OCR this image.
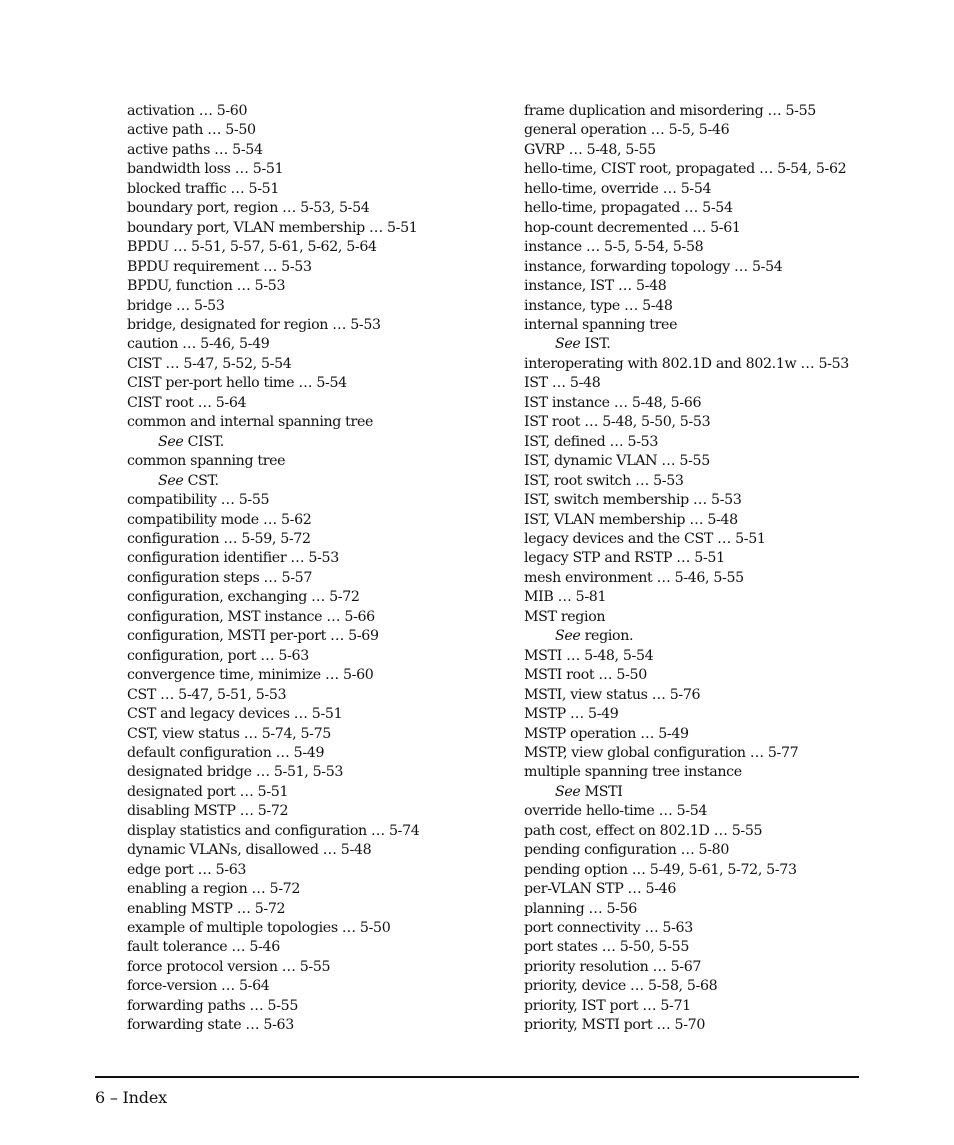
activation … 5-60
active path … 5-50
active paths … 5-54
bandwidth loss … 5-51
blocked traffic … 5-51
boundary port, region … 5-53, 5-54
boundary port, VLAN membership … 5-51
BPDU … 5-51, 5-57, 5-61, 5-62, 5-64
BPDU requirement … 5-53
BPDU, function … 5-53
bridge … 5-53
bridge, designated for region … 5-53
caution … 5-46, 5-49
CIST … 5-47, 5-52, 5-54
CIST per-port hello time … 5-54
CIST root … 5-64
common and internal spanning tree
See CIST.
common spanning tree
See CST.
compatibility … 5-55
compatibility mode … 5-62
configuration … 5-59, 5-72
configuration identifier … 5-53
configuration steps … 5-57
configuration, exchanging … 5-72
configuration, MST instance … 5-66
configuration, MSTI per-port … 5-69
configuration, port … 5-63
convergence time, minimize … 5-60
CST … 5-47, 5-51, 5-53
CST and legacy devices … 5-51
CST, view status … 5-74, 5-75
default configuration … 5-49
designated bridge … 5-51, 5-53
designated port … 5-51
disabling MSTP … 5-72
display statistics and configuration … 5-74
dynamic VLANs, disallowed … 5-48
edge port … 5-63
enabling a region … 5-72
enabling MSTP … 5-72
example of multiple topologies … 5-50
fault tolerance … 5-46
force protocol version … 5-55
force-version … 5-64
forwarding paths … 5-55
forwarding state … 5-63
frame duplication and misordering … 5-55
general operation … 5-5, 5-46
GVRP … 5-48, 5-55
hello-time, CIST root, propagated … 5-54, 5-62
hello-time, override … 5-54
hello-time, propagated … 5-54
hop-count decremented … 5-61
instance … 5-5, 5-54, 5-58
instance, forwarding topology … 5-54
instance, IST … 5-48
instance, type … 5-48
internal spanning tree
See IST.
interoperating with 802.1D and 802.1w … 5-53
IST … 5-48
IST instance … 5-48, 5-66
IST root … 5-48, 5-50, 5-53
IST, defined … 5-53
IST, dynamic VLAN … 5-55
IST, root switch … 5-53
IST, switch membership … 5-53
IST, VLAN membership … 5-48
legacy devices and the CST … 5-51
legacy STP and RSTP … 5-51
mesh environment … 5-46, 5-55
MIB … 5-81
MST region
See region.
MSTI … 5-48, 5-54
MSTI root … 5-50
MSTI, view status … 5-76
MSTP … 5-49
MSTP operation … 5-49
MSTP, view global configuration … 5-77
multiple spanning tree instance
See MSTI
override hello-time … 5-54
path cost, effect on 802.1D … 5-55
pending configuration … 5-80
pending option … 5-49, 5-61, 5-72, 5-73
per-VLAN STP … 5-46
planning … 5-56
port connectivity … 5-63
port states … 5-50, 5-55
priority resolution … 5-67
priority, device … 5-58, 5-68
priority, IST port … 5-71
priority, MSTI port … 5-70
6 – Index
